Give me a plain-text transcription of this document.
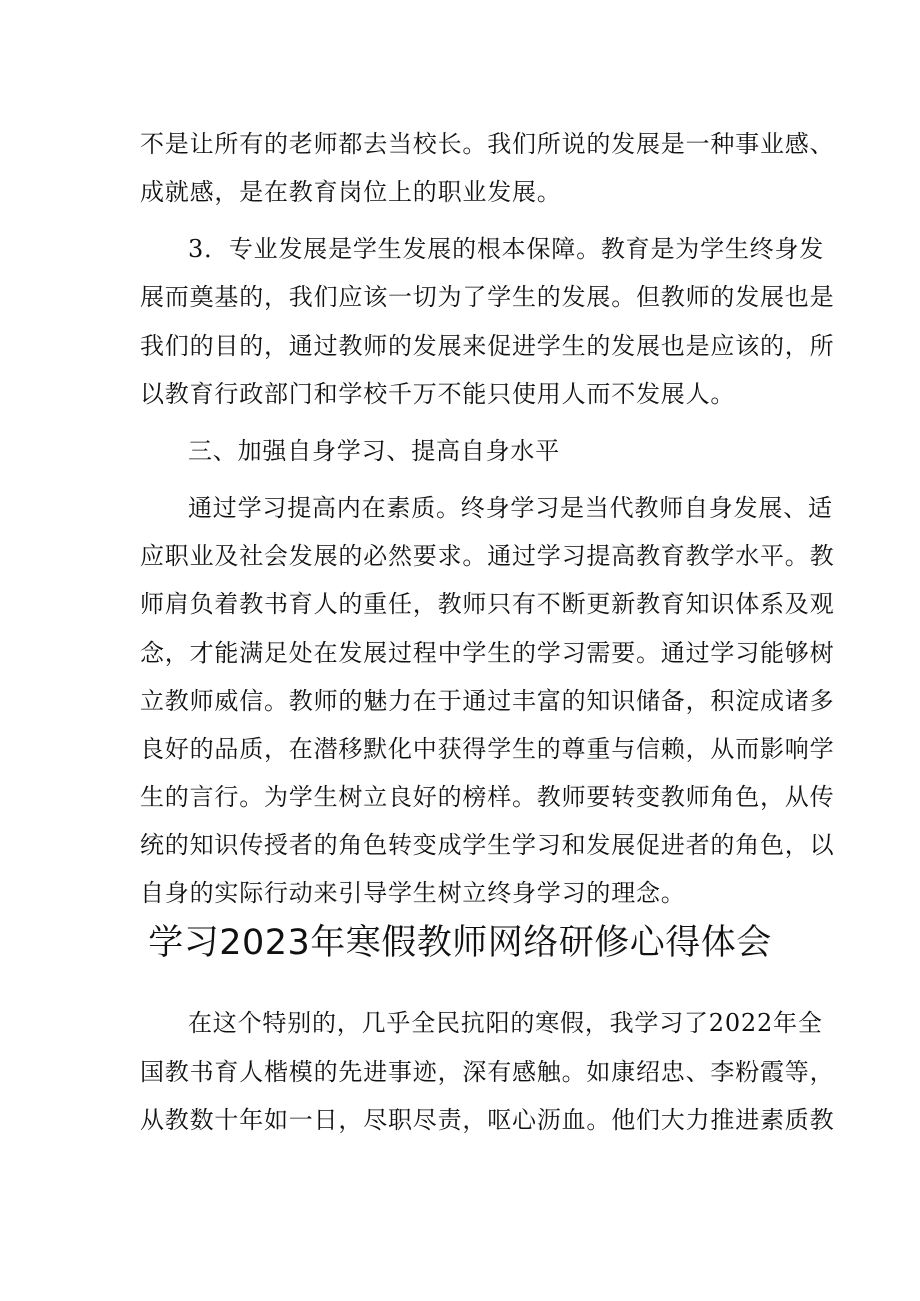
不是让所有的老师都去当校长。我们所说的发展是一种事业感、
成就感，是在教育岗位上的职业发展。
3．专业发展是学生发展的根本保障。教育是为学生终身发
展而奠基的，我们应该一切为了学生的发展。但教师的发展也是
我们的目的，通过教师的发展来促进学生的发展也是应该的，所
以教育行政部门和学校千万不能只使用人而不发展人。
三、加强自身学习、提高自身水平
通过学习提高内在素质。终身学习是当代教师自身发展、适
应职业及社会发展的必然要求。通过学习提高教育教学水平。教
师肩负着教书育人的重任，教师只有不断更新教育知识体系及观
念，才能满足处在发展过程中学生的学习需要。通过学习能够树
立教师威信。教师的魅力在于通过丰富的知识储备，积淀成诸多
良好的品质，在潜移默化中获得学生的尊重与信赖，从而影响学
生的言行。为学生树立良好的榜样。教师要转变教师角色，从传
统的知识传授者的角色转变成学生学习和发展促进者的角色，以
自身的实际行动来引导学生树立终身学习的理念。
学习2023年寒假教师网络研修心得体会
在这个特别的，几乎全民抗阳的寒假，我学习了2022年全
国教书育人楷模的先进事迹，深有感触。如康绍忠、李粉霞等，
从教数十年如一日，尽职尽责，呕心沥血。他们大力推进素质教
